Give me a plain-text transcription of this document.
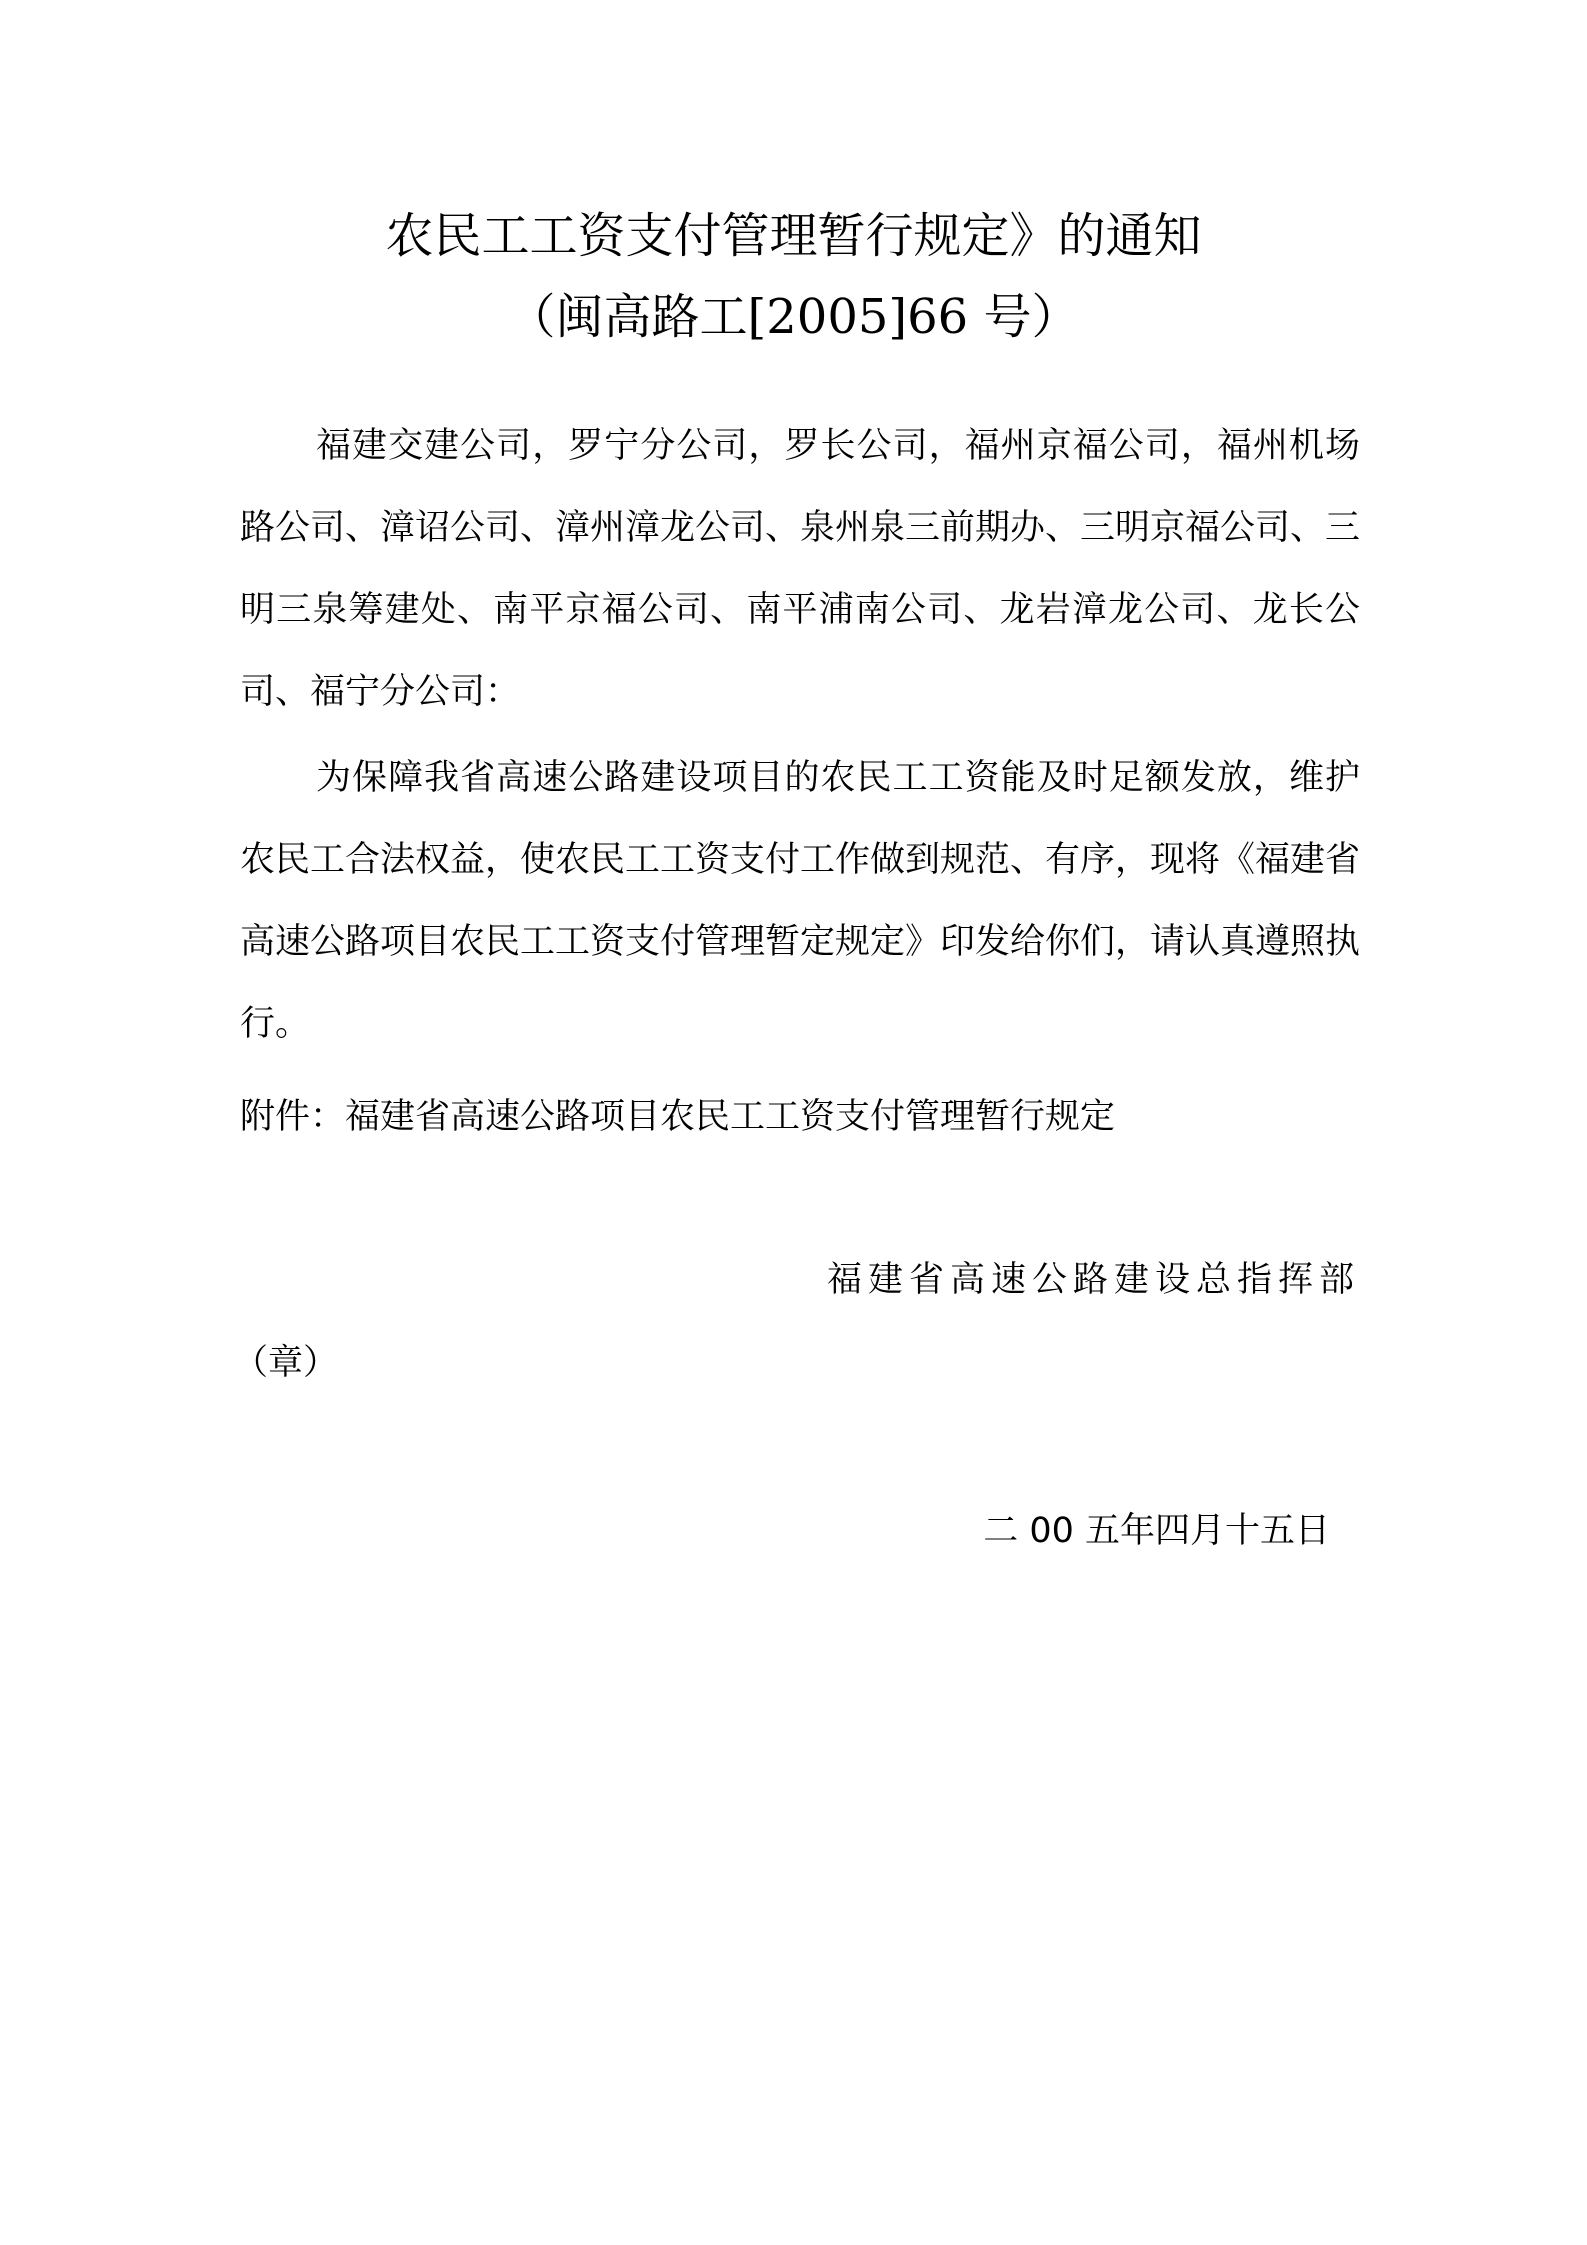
农民工工资支付管理暂行规定》的通知
（闽高路工[2005]66 号）

福建交建公司，罗宁分公司，罗长公司，福州京福公司，福州机场路公司、漳诏公司、漳州漳龙公司、泉州泉三前期办、三明京福公司、三明三泉筹建处、南平京福公司、南平浦南公司、龙岩漳龙公司、龙长公司、福宁分公司：

为保障我省高速公路建设项目的农民工工资能及时足额发放，维护农民工合法权益，使农民工工资支付工作做到规范、有序，现将《福建省高速公路项目农民工工资支付管理暂定规定》印发给你们，请认真遵照执行。

附件：福建省高速公路项目农民工工资支付管理暂行规定
福建省高速公路建设总指挥部
（章）
二 00 五年四月十五日
